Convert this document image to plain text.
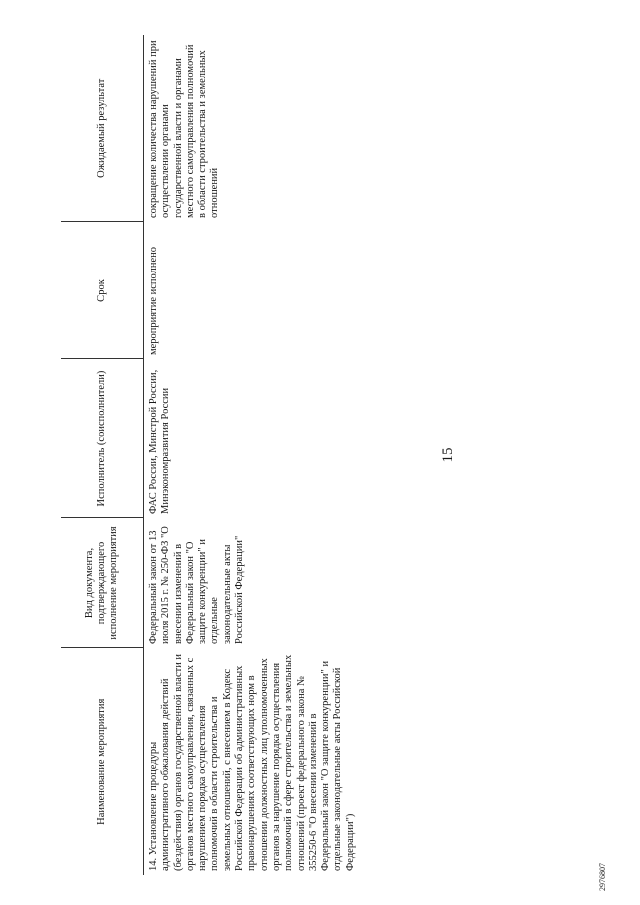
15
Наименование мероприятия	Вид документа, подтверждающего исполнение мероприятия	Исполнитель (соисполнители)	Срок	Ожидаемый результат
14. Установление процедуры административного обжалования действий (бездействия) органов государственной власти и органов местного самоуправления, связанных с нарушением порядка осуществления полномочий в области строительства и земельных отношений, с внесением в Кодекс Российской Федерации об административных правонарушениях соответствующих норм в отношении должностных лиц уполномоченных органов за нарушение порядка осуществления полномочий в сфере строительства и земельных отношений (проект федерального закона № 355250-6 "О внесении изменений в Федеральный закон "О защите конкуренции" и отдельные законодательные акты Российской Федерации")	Федеральный закон от 13 июля 2015 г. № 250-ФЗ "О внесении изменений в Федеральный закон "О защите конкуренции" и отдельные законодательные акты Российской Федерации"	ФАС России, Минстрой России, Минэкономразвития России	мероприятие исполнено	сокращение количества нарушений при осуществлении органами государственной власти и органами местного самоуправления полномочий в области строительства и земельных отношений
2976807
